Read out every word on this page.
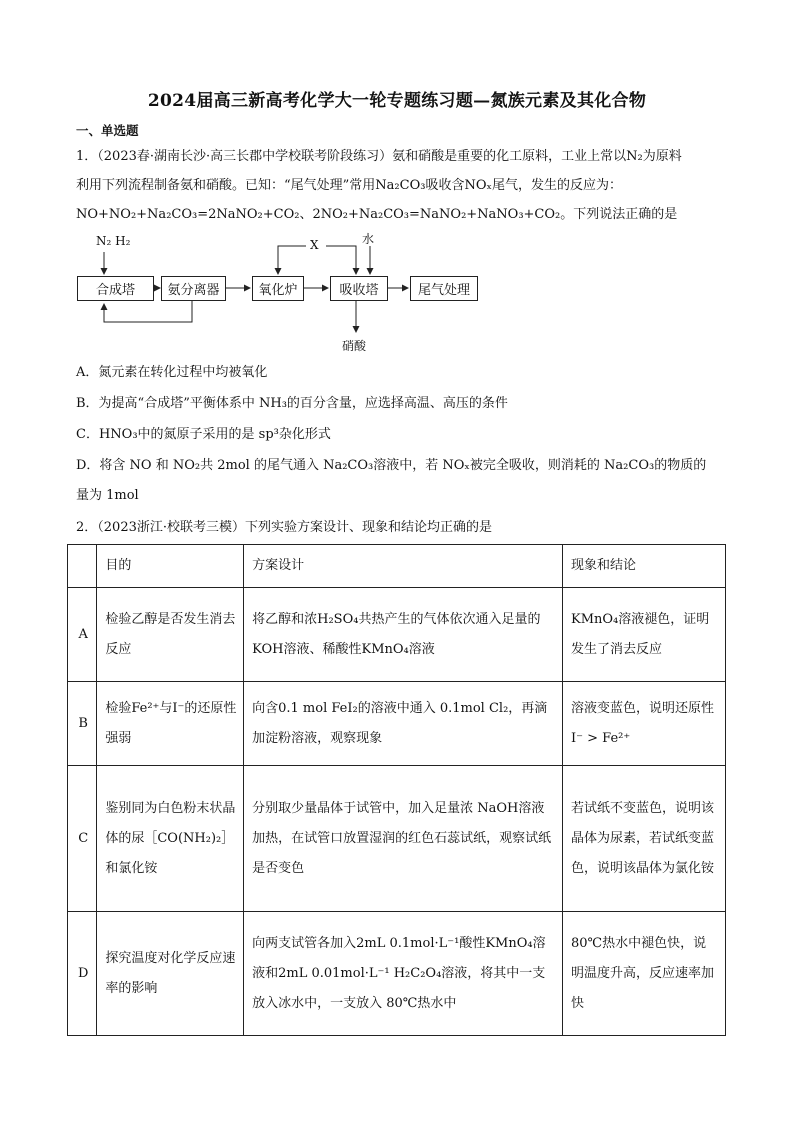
2024届高三新高考化学大一轮专题练习题—氮族元素及其化合物
一、单选题
1．（2023春·湖南长沙·高三长郡中学校联考阶段练习）氨和硝酸是重要的化工原料，工业上常以N₂为原料
利用下列流程制备氨和硝酸。已知：“尾气处理”常用Na₂CO₃吸收含NOₓ尾气，发生的反应为：
NO+NO₂+Na₂CO₃=2NaNO₂+CO₂、2NO₂+Na₂CO₃=NaNO₂+NaNO₃+CO₂。下列说法正确的是
N₂ H₂	X	水
硝酸
合成塔	氨分离器	氧化炉	吸收塔	尾气处理
A．氮元素在转化过程中均被氧化
B．为提高“合成塔”平衡体系中 NH₃的百分含量，应选择高温、高压的条件
C．HNO₃中的氮原子采用的是 sp³杂化形式
D．将含 NO 和 NO₂共 2mol 的尾气通入 Na₂CO₃溶液中，若 NOₓ被完全吸收，则消耗的 Na₂CO₃的物质的
量为 1mol
2．（2023浙江·校联考三模）下列实验方案设计、现象和结论均正确的是
	目的	方案设计	现象和结论
A	检验乙醇是否发生消去反应	将乙醇和浓H₂SO₄共热产生的气体依次通入足量的KOH溶液、稀酸性KMnO₄溶液	KMnO₄溶液褪色，证明发生了消去反应
B	检验Fe²⁺与I⁻的还原性强弱	向含0.1 mol FeI₂的溶液中通入 0.1mol Cl₂，再滴加淀粉溶液，观察现象	溶液变蓝色，说明还原性 I⁻ > Fe²⁺
C	鉴别同为白色粉末状晶体的尿［CO(NH₂)₂］和氯化铵	分别取少量晶体于试管中，加入足量浓 NaOH溶液加热，在试管口放置湿润的红色石蕊试纸，观察试纸是否变色	若试纸不变蓝色，说明该晶体为尿素，若试纸变蓝色，说明该晶体为氯化铵
D	探究温度对化学反应速率的影响	向两支试管各加入2mL 0.1mol·L⁻¹酸性KMnO₄溶液和2mL 0.01mol·L⁻¹ H₂C₂O₄溶液，将其中一支放入冰水中，一支放入 80℃热水中	80℃热水中褪色快，说明温度升高，反应速率加快
